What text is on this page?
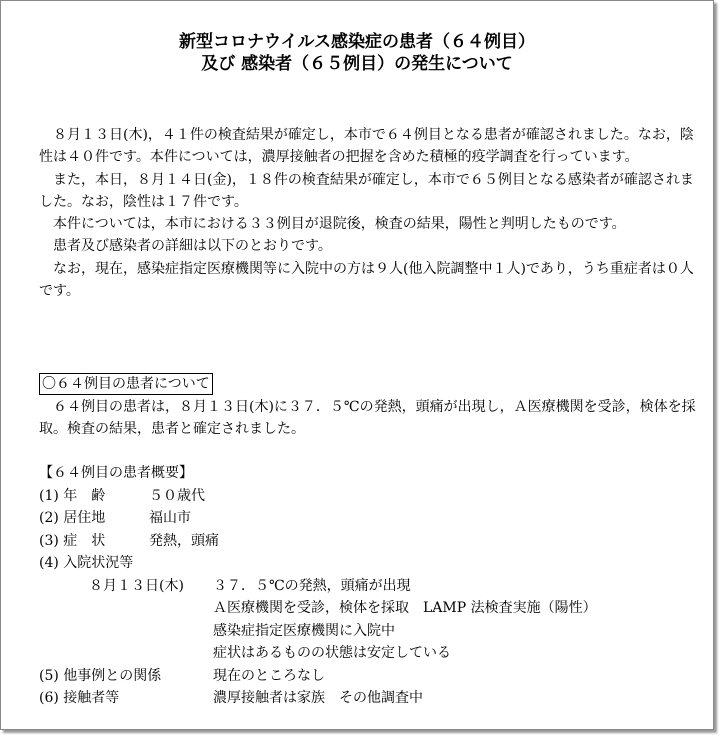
新型コロナウイルス感染症の患者（６４例目）
及び 感染者（６５例目）の発生について

８月１３日(木)，４１件の検査結果が確定し，本市で６４例目となる患者が確認されました。なお，陰性は４０件です。本件については，濃厚接触者の把握を含めた積極的疫学調査を行っています。

また，本日，８月１４日(金)，１８件の検査結果が確定し，本市で６５例目となる感染者が確認されました。なお，陰性は１７件です。

本件については，本市における３３例目が退院後，検査の結果，陽性と判明したものです。

患者及び感染者の詳細は以下のとおりです。

なお，現在，感染症指定医療機関等に入院中の方は９人(他入院調整中１人)であり，うち重症者は０人です。

〇６４例目の患者について

６４例目の患者は，８月１３日(木)に３７．５℃の発熱，頭痛が出現し，Ａ医療機関を受診，検体を採取。検査の結果，患者と確定されました。

【６４例目の患者概要】
(1) 年　齢	５０歳代
(2) 居住地	福山市
(3) 症　状	発熱，頭痛
(4) 入院状況等
８月１３日(木)	３７．５℃の発熱，頭痛が出現
Ａ医療機関を受診，検体を採取　LAMP 法検査実施（陽性）
感染症指定医療機関に入院中
症状はあるものの状態は安定している
(5) 他事例との関係	現在のところなし
(6) 接触者等	濃厚接触者は家族　その他調査中
